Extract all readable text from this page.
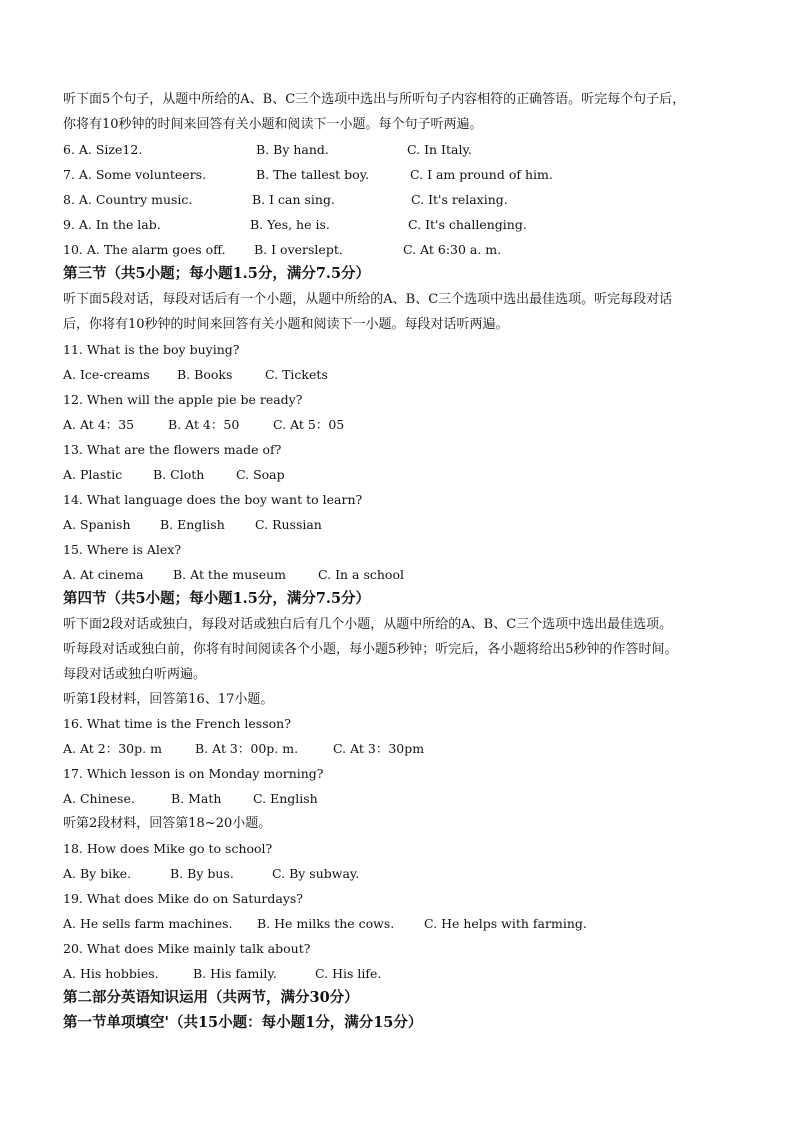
听下面5个句子，从题中所给的A、B、C三个选项中选出与所听句子内容相符的正确答语。听完每个句子后，
你将有10秒钟的时间来回答有关小题和阅读下一小题。每个句子听两遍。
6. A. Size12.	B. By hand.	C. In Italy.
7. A. Some volunteers.	B. The tallest boy.	C. I am pround of him.
8. A. Country music.	B. I can sing.	C. It's relaxing.
9. A. In the lab.	B. Yes, he is.	C. It's challenging.
10. A. The alarm goes off. B. I overslept.	C. At 6:30 a. m.
第三节（共5小题；每小题1.5分，满分7.5分）
听下面5段对话，每段对话后有一个小题，从题中所给的A、B、C三个选项中选出最佳选项。听完每段对话
后，你将有10秒钟的时间来回答有关小题和阅读下一小题。每段对话听两遍。
11. What is the boy buying?
A. Ice-creams B. Books	C. Tickets
12. When will the apple pie be ready?
A. At 4：35	B. At 4：50	C. At 5：05
13. What are the flowers made of?
A. Plastic B. Cloth	C. Soap
14. What language does the boy want to learn?
A. Spanish B. English C. Russian
15. Where is Alex?
A. At cinema B. At the museum	C. In a school
第四节（共5小题；每小题1.5分，满分7.5分）
听下面2段对话或独白，每段对话或独白后有几个小题，从题中所给的A、B、C三个选项中选出最佳选项。
听每段对话或独白前，你将有时间阅读各个小题，每小题5秒钟；听完后，各小题将给出5秒钟的作答时间。
每段对话或独白听两遍。
听第1段材料，回答第16、17小题。
16. What time is the French lesson?
A. At 2：30p. m	B. At 3：00p. m.	C. At 3：30pm
17. Which lesson is on Monday morning?
A. Chinese.	B. Math	C. English
听第2段材料，回答第18~20小题。
18. How does Mike go to school?
A. By bike.	B. By bus.	C. By subway.
19. What does Mike do on Saturdays?
A. He sells farm machines. B. He milks the cows. C. He helps with farming.
20. What does Mike mainly talk about?
A. His hobbies.	B. His family.	C. His life.
第二部分英语知识运用（共两节，满分30分）
第一节单项填空'（共15小题：每小题1分，满分15分）
